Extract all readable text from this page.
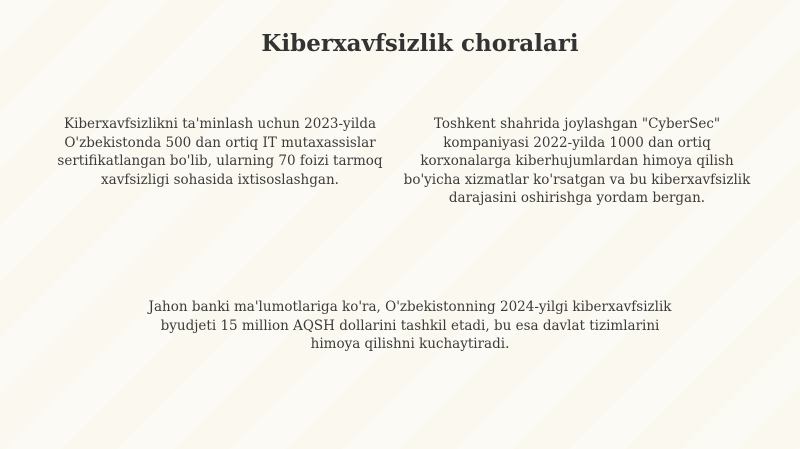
Kiberxavfsizlik choralari
Kiberxavfsizlikni ta'minlash uchun 2023-yilda O'zbekistonda 500 dan ortiq IT mutaxassislar sertifikatlangan bo'lib, ularning 70 foizi tarmoq xavfsizligi sohasida ixtisoslashgan.
Toshkent shahrida joylashgan "CyberSec" kompaniyasi 2022-yilda 1000 dan ortiq korxonalarga kiberhujumlardan himoya qilish bo'yicha xizmatlar ko'rsatgan va bu kiberxavfsizlik darajasini oshirishga yordam bergan.
Jahon banki ma'lumotlariga ko'ra, O'zbekistonning 2024-yilgi kiberxavfsizlik byudjeti 15 million AQSH dollarini tashkil etadi, bu esa davlat tizimlarini himoya qilishni kuchaytiradi.
